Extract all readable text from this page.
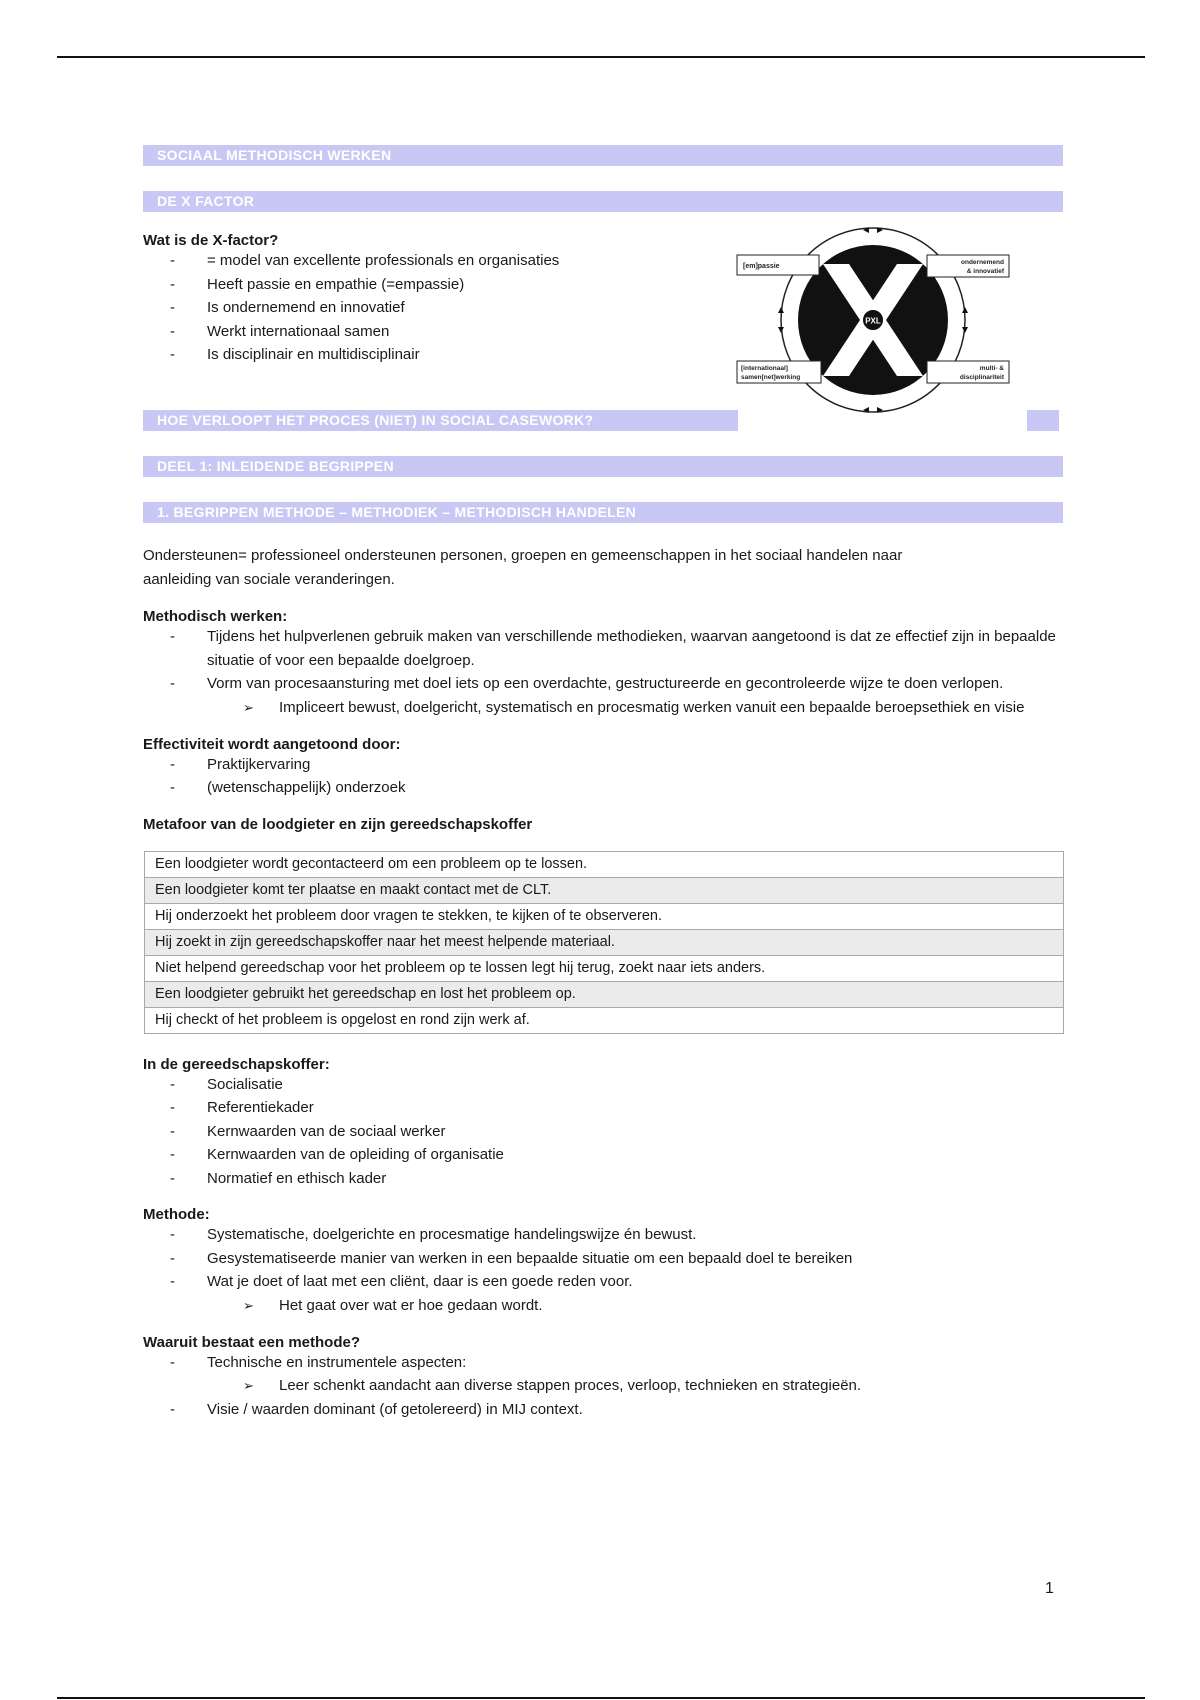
SOCIAAL METHODISCH WERKEN
DE X FACTOR

Wat is de X-factor?

- = model van excellente professionals en organisaties
- Heeft passie en empathie (=empassie)
- Is ondernemend en innovatief
- Werkt internationaal samen
- Is disciplinair en multidisciplinair
PXL
[em]passie
ondernemend
& innovatief
[internationaal]
samen[net]werking
multi- &
disciplinariteit
HOE VERLOOPT HET PROCES (NIET) IN SOCIAL CASEWORK?
DEEL 1: INLEIDENDE BEGRIPPEN
1. BEGRIPPEN METHODE – METHODIEK – METHODISCH HANDELEN

Ondersteunen= professioneel ondersteunen personen, groepen en gemeenschappen in het sociaal handelen naar

aanleiding van sociale veranderingen.

Methodisch werken:

- Tijdens het hulpverlenen gebruik maken van verschillende methodieken, waarvan aangetoond is dat ze effectief zijn in bepaalde situatie of voor een bepaalde doelgroep.
- Vorm van procesaansturing met doel iets op een overdachte, gestructureerde en gecontroleerde wijze te doen verlopen.
➢ Impliceert bewust, doelgericht, systematisch en procesmatig werken vanuit een bepaalde beroepsethiek en visie

Effectiviteit wordt aangetoond door:

- Praktijkervaring
- (wetenschappelijk) onderzoek

Metafoor van de loodgieter en zijn gereedschapskoffer

Een loodgieter wordt gecontacteerd om een probleem op te lossen.
Een loodgieter komt ter plaatse en maakt contact met de CLT.
Hij onderzoekt het probleem door vragen te stekken, te kijken of te observeren.
Hij zoekt in zijn gereedschapskoffer naar het meest helpende materiaal.
Niet helpend gereedschap voor het probleem op te lossen legt hij terug, zoekt naar iets anders.
Een loodgieter gebruikt het gereedschap en lost het probleem op.
Hij checkt of het probleem is opgelost en rond zijn werk af.

In de gereedschapskoffer:

- Socialisatie
- Referentiekader
- Kernwaarden van de sociaal werker
- Kernwaarden van de opleiding of organisatie
- Normatief en ethisch kader

Methode:

- Systematische, doelgerichte en procesmatige handelingswijze én bewust.
- Gesystematiseerde manier van werken in een bepaalde situatie om een bepaald doel te bereiken
- Wat je doet of laat met een cliënt, daar is een goede reden voor.
➢ Het gaat over wat er hoe gedaan wordt.

Waaruit bestaat een methode?

- Technische en instrumentele aspecten:
➢ Leer schenkt aandacht aan diverse stappen proces, verloop, technieken en strategieën.
- Visie / waarden dominant (of getolereerd) in MIJ context.
1
